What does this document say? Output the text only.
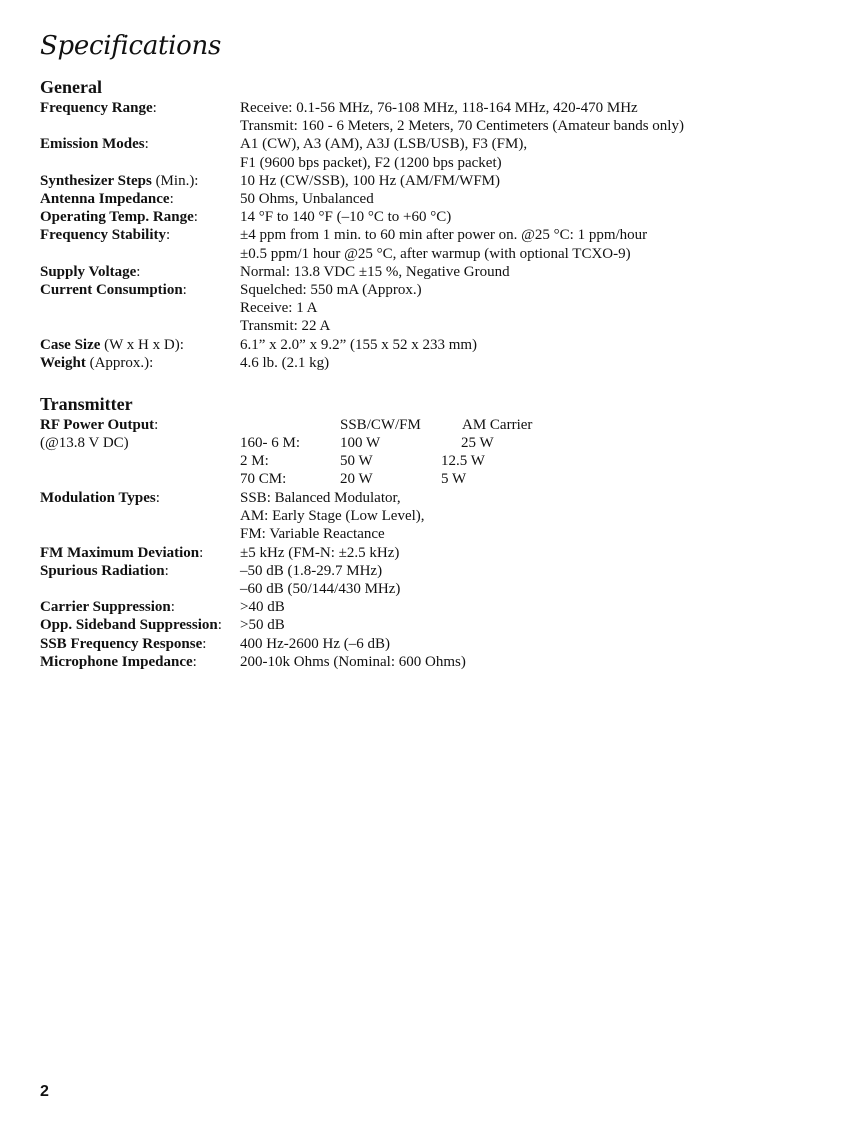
Specifications
General
Frequency Range:	Receive: 0.1-56 MHz, 76-108 MHz, 118-164 MHz, 420-470 MHz
Transmit: 160 - 6 Meters, 2 Meters, 70 Centimeters (Amateur bands only)
Emission Modes:	A1 (CW), A3 (AM), A3J (LSB/USB), F3 (FM),
F1 (9600 bps packet), F2 (1200 bps packet)
Synthesizer Steps (Min.):	10 Hz (CW/SSB), 100 Hz (AM/FM/WFM)
Antenna Impedance:	50 Ohms, Unbalanced
Operating Temp. Range:	14 °F to 140 °F (–10 °C to +60 °C)
Frequency Stability:	±4 ppm from 1 min. to 60 min after power on. @25 °C: 1 ppm/hour
±0.5 ppm/1 hour @25 °C, after warmup (with optional TCXO-9)
Supply Voltage:	Normal: 13.8 VDC ±15 %, Negative Ground
Current Consumption:	Squelched: 550 mA (Approx.)
Receive: 1 A
Transmit: 22 A
Case Size (W x H x D):	6.1” x 2.0” x 9.2” (155 x 52 x 233 mm)
Weight (Approx.):	4.6 lb. (2.1 kg)
Transmitter
RF Power Output:
(@13.8 V DC)
SSB/CW/FM	AM Carrier
160- 6 M:	100 W	25 W
2 M:	50 W	12.5 W
70 CM:	20 W	5 W
Modulation Types:	SSB: Balanced Modulator,
AM: Early Stage (Low Level),
FM: Variable Reactance
FM Maximum Deviation: ±5 kHz (FM-N: ±2.5 kHz)
Spurious Radiation:	–50 dB (1.8-29.7 MHz)
–60 dB (50/144/430 MHz)
Carrier Suppression:	>40 dB
Opp. Sideband Suppression: >50 dB
SSB Frequency Response: 400 Hz-2600 Hz (–6 dB)
Microphone Impedance:	200-10k Ohms (Nominal: 600 Ohms)
2
